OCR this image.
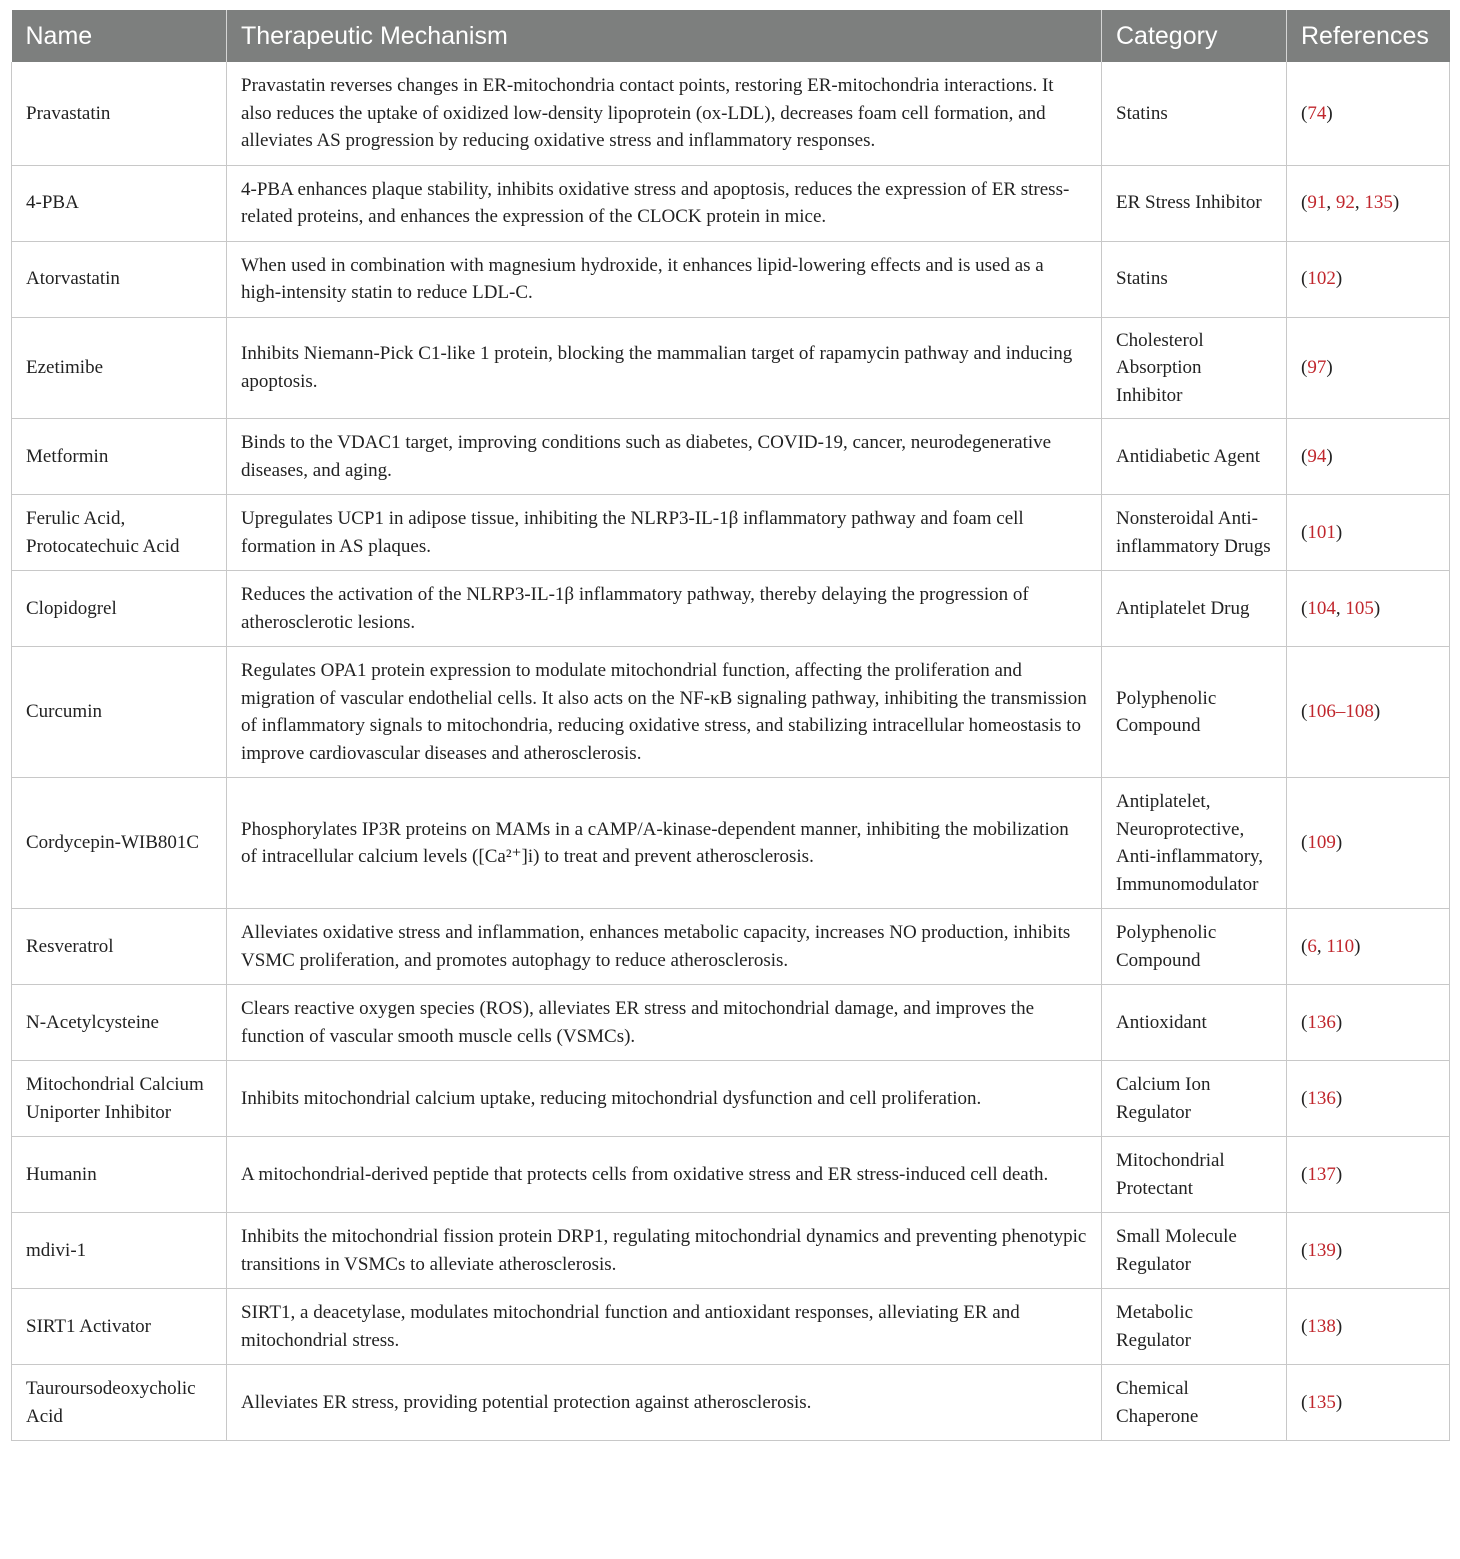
Name	Therapeutic Mechanism	Category	References
Pravastatin	Pravastatin reverses changes in ER-mitochondria contact points, restoring ER-mitochondria interactions. It also reduces the uptake of oxidized low-density lipoprotein (ox-LDL), decreases foam cell formation, and alleviates AS progression by reducing oxidative stress and inflammatory responses.	Statins	(74)
4-PBA	4-PBA enhances plaque stability, inhibits oxidative stress and apoptosis, reduces the expression of ER stress-related proteins, and enhances the expression of the CLOCK protein in mice.	ER Stress Inhibitor	(91, 92, 135)
Atorvastatin	When used in combination with magnesium hydroxide, it enhances lipid-lowering effects and is used as a high-intensity statin to reduce LDL-C.	Statins	(102)
Ezetimibe	Inhibits Niemann-Pick C1-like 1 protein, blocking the mammalian target of rapamycin pathway and inducing apoptosis.	Cholesterol Absorption Inhibitor	(97)
Metformin	Binds to the VDAC1 target, improving conditions such as diabetes, COVID-19, cancer, neurodegenerative diseases, and aging.	Antidiabetic Agent	(94)
Ferulic Acid, Protocatechuic Acid	Upregulates UCP1 in adipose tissue, inhibiting the NLRP3-IL-1β inflammatory pathway and foam cell formation in AS plaques.	Nonsteroidal Anti-inflammatory Drugs	(101)
Clopidogrel	Reduces the activation of the NLRP3-IL-1β inflammatory pathway, thereby delaying the progression of atherosclerotic lesions.	Antiplatelet Drug	(104, 105)
Curcumin	Regulates OPA1 protein expression to modulate mitochondrial function, affecting the proliferation and migration of vascular endothelial cells. It also acts on the NF-κB signaling pathway, inhibiting the transmission of inflammatory signals to mitochondria, reducing oxidative stress, and stabilizing intracellular homeostasis to improve cardiovascular diseases and atherosclerosis.	Polyphenolic Compound	(106–108)
Cordycepin-WIB801C	Phosphorylates IP3R proteins on MAMs in a cAMP/A-kinase-dependent manner, inhibiting the mobilization of intracellular calcium levels ([Ca²⁺]i) to treat and prevent atherosclerosis.	Antiplatelet, Neuroprotective, Anti-inflammatory, Immunomodulator	(109)
Resveratrol	Alleviates oxidative stress and inflammation, enhances metabolic capacity, increases NO production, inhibits VSMC proliferation, and promotes autophagy to reduce atherosclerosis.	Polyphenolic Compound	(6, 110)
N-Acetylcysteine	Clears reactive oxygen species (ROS), alleviates ER stress and mitochondrial damage, and improves the function of vascular smooth muscle cells (VSMCs).	Antioxidant	(136)
Mitochondrial Calcium Uniporter Inhibitor	Inhibits mitochondrial calcium uptake, reducing mitochondrial dysfunction and cell proliferation.	Calcium Ion Regulator	(136)
Humanin	A mitochondrial-derived peptide that protects cells from oxidative stress and ER stress-induced cell death.	Mitochondrial Protectant	(137)
mdivi-1	Inhibits the mitochondrial fission protein DRP1, regulating mitochondrial dynamics and preventing phenotypic transitions in VSMCs to alleviate atherosclerosis.	Small Molecule Regulator	(139)
SIRT1 Activator	SIRT1, a deacetylase, modulates mitochondrial function and antioxidant responses, alleviating ER and mitochondrial stress.	Metabolic Regulator	(138)
Tauroursodeoxycholic Acid	Alleviates ER stress, providing potential protection against atherosclerosis.	Chemical Chaperone	(135)
